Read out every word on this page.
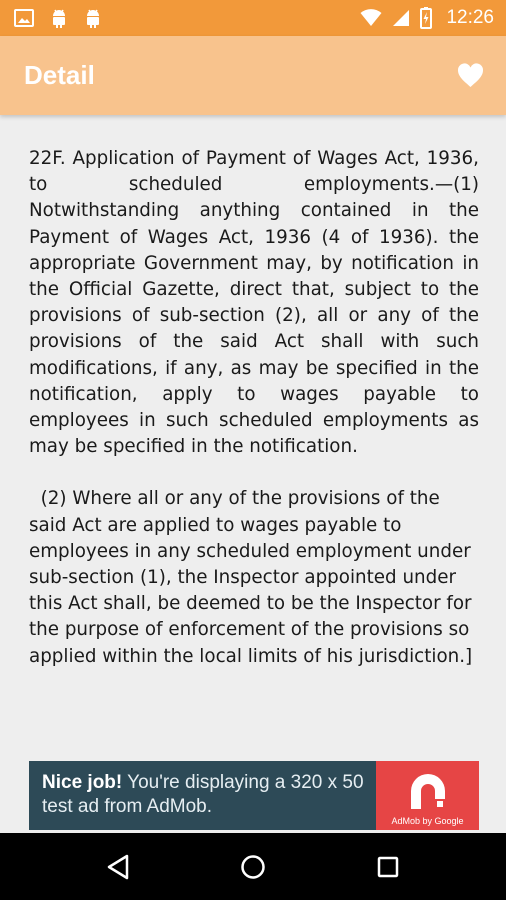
12:26
Detail

22F. Application of Payment of Wages Act, 1936, to scheduled employments.—(1) Notwithstanding anything contained in the Payment of Wages Act, 1936 (4 of 1936). the appropriate Government may, by notification in the Official Gazette, direct that, subject to the provisions of sub-section (2), all or any of the provisions of the said Act shall with such modifications, if any, as may be specified in the notification, apply to wages payable to employees in such scheduled employments as may be specified in the notification.

(2) Where all or any of the provisions of the said Act are applied to wages payable to employees in any scheduled employment under sub-section (1), the Inspector appointed under this Act shall, be deemed to be the Inspector for the purpose of enforcement of the provisions so applied within the local limits of his jurisdiction.]

Nice job! You're displaying a 320 x 50 test ad from AdMob.
AdMob by Google
